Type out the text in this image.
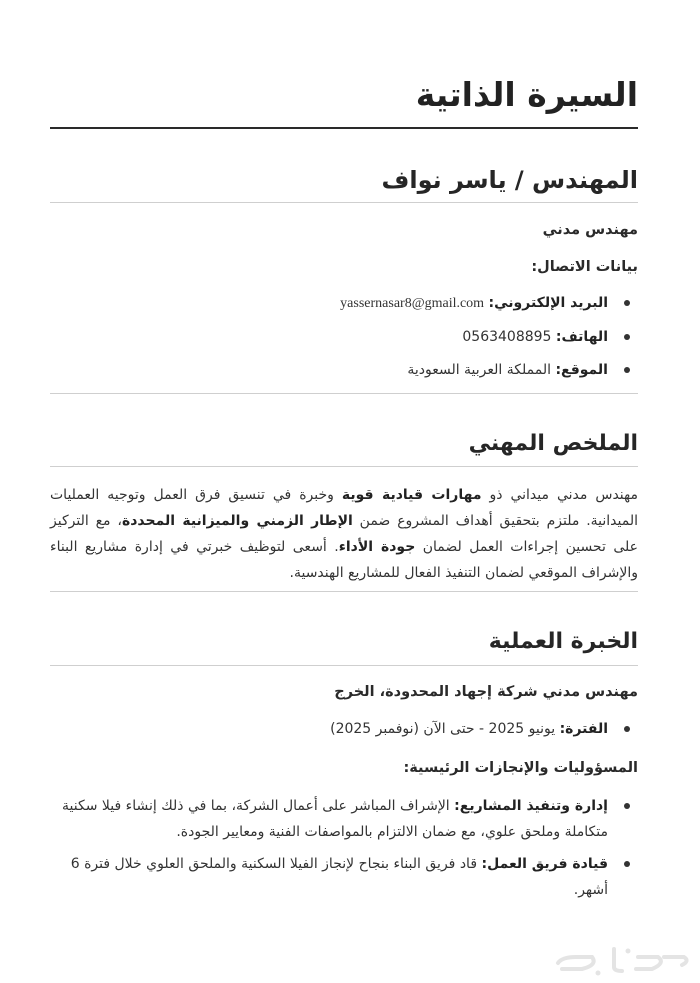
السيرة الذاتية
المهندس / ياسر نواف
مهندس مدني
بيانات الاتصال:
البريد الإلكتروني: yassernasar8@gmail.com
الهاتف: 0563408895
الموقع: المملكة العربية السعودية
الملخص المهني
مهندس مدني ميداني ذو مهارات قيادية قوية وخبرة في تنسيق فرق العمل وتوجيه العمليات الميدانية. ملتزم بتحقيق أهداف المشروع ضمن الإطار الزمني والميزانية المحددة، مع التركيز على تحسين إجراءات العمل لضمان جودة الأداء. أسعى لتوظيف خبرتي في إدارة مشاريع البناء والإشراف الموقعي لضمان التنفيذ الفعال للمشاريع الهندسية.
الخبرة العملية
مهندس مدني شركة إجهاد المحدودة، الخرج
الفترة: يونيو 2025 - حتى الآن (نوفمبر 2025)
المسؤوليات والإنجازات الرئيسية:
إدارة وتنفيذ المشاريع: الإشراف المباشر على أعمال الشركة، بما في ذلك إنشاء فيلا سكنية متكاملة وملحق علوي، مع ضمان الالتزام بالمواصفات الفنية ومعايير الجودة.
قيادة فريق العمل: قاد فريق البناء بنجاح لإنجاز الفيلا السكنية والملحق العلوي خلال فترة 6 أشهر.
